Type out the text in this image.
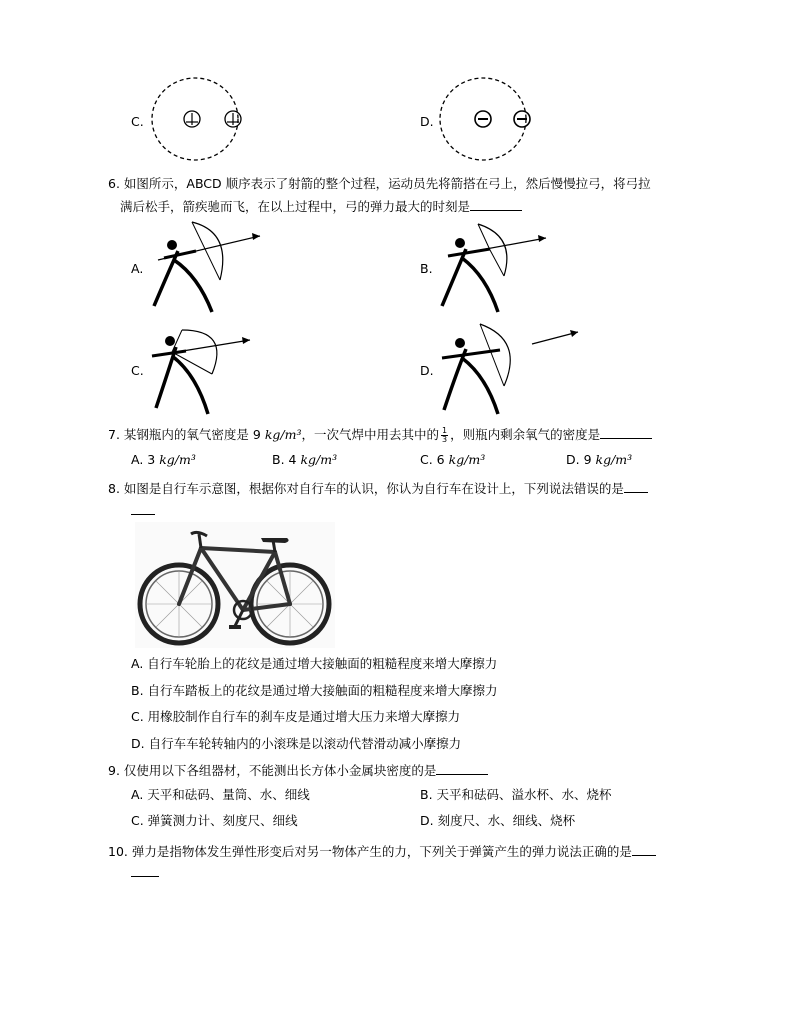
C.	D.
6. 如图所示，ABCD 顺序表示了射箭的整个过程，运动员先将箭搭在弓上，然后慢慢拉弓，将弓拉
满后松手，箭疾驰而飞，在以上过程中，弓的弹力最大的时刻是
A.	B.
C.	D.
7. 某钢瓶内的氧气密度是 9 kg/m³，一次气焊中用去其中的 $\frac{1}{3}$ ，则瓶内剩余氧气的密度是
A. 3 kg/m³	B. 4 kg/m³	C. 6 kg/m³	D. 9 kg/m³
8. 如图是自行车示意图，根据你对自行车的认识，你认为自行车在设计上，下列说法错误的是
A. 自行车轮胎上的花纹是通过增大接触面的粗糙程度来增大摩擦力
B. 自行车踏板上的花纹是通过增大接触面的粗糙程度来增大摩擦力
C. 用橡胶制作自行车的刹车皮是通过增大压力来增大摩擦力
D. 自行车车轮转轴内的小滚珠是以滚动代替滑动减小摩擦力
9. 仅使用以下各组器材，不能测出长方体小金属块密度的是
A. 天平和砝码、量筒、水、细线	B. 天平和砝码、溢水杯、水、烧杯
C. 弹簧测力计、刻度尺、细线	D. 刻度尺、水、细线、烧杯
10. 弹力是指物体发生弹性形变后对另一物体产生的力，下列关于弹簧产生的弹力说法正确的是
